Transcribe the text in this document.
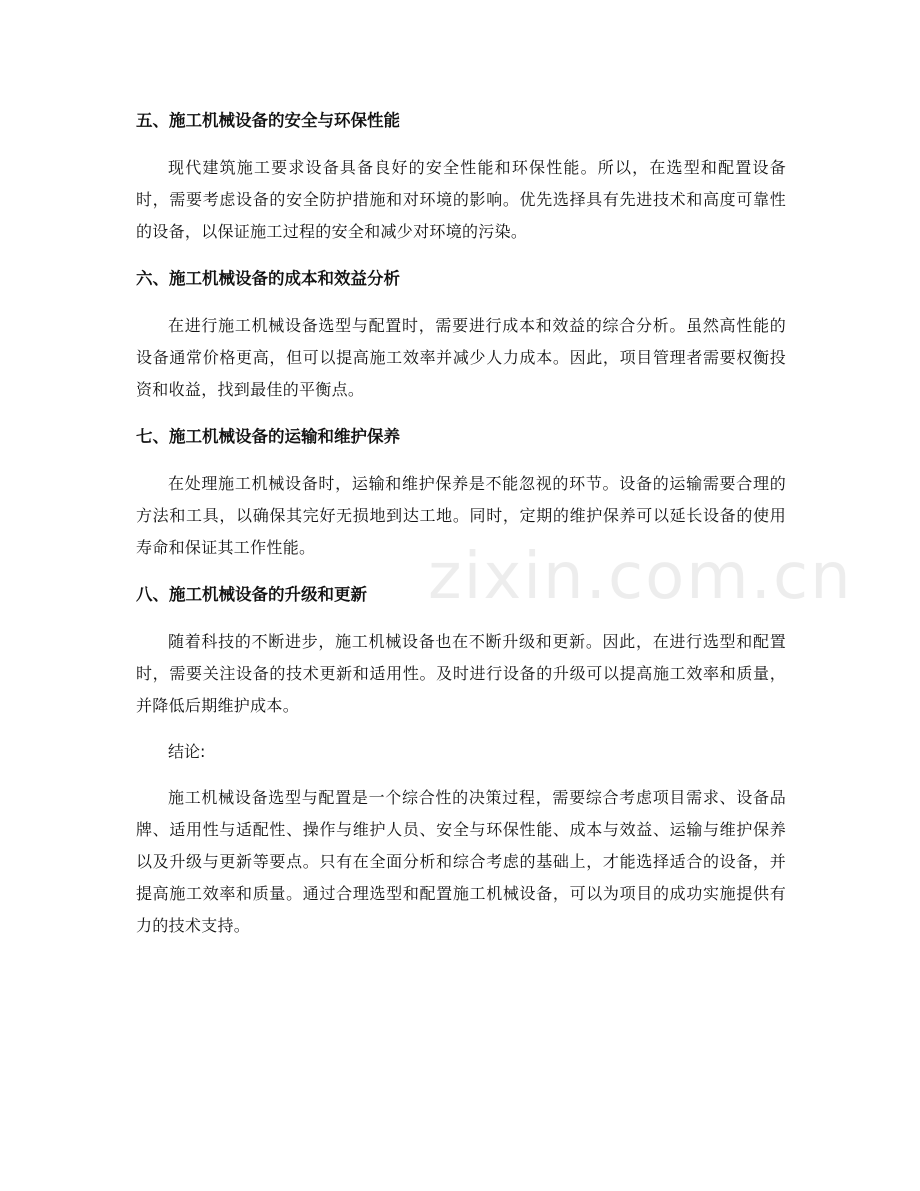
zixin.com.cn
五、施工机械设备的安全与环保性能

现代建筑施工要求设备具备良好的安全性能和环保性能。所以，在选型和配置设备时，需要考虑设备的安全防护措施和对环境的影响。优先选择具有先进技术和高度可靠性的设备，以保证施工过程的安全和减少对环境的污染。

六、施工机械设备的成本和效益分析

在进行施工机械设备选型与配置时，需要进行成本和效益的综合分析。虽然高性能的设备通常价格更高，但可以提高施工效率并减少人力成本。因此，项目管理者需要权衡投资和收益，找到最佳的平衡点。

七、施工机械设备的运输和维护保养

在处理施工机械设备时，运输和维护保养是不能忽视的环节。设备的运输需要合理的方法和工具，以确保其完好无损地到达工地。同时，定期的维护保养可以延长设备的使用寿命和保证其工作性能。

八、施工机械设备的升级和更新

随着科技的不断进步，施工机械设备也在不断升级和更新。因此，在进行选型和配置时，需要关注设备的技术更新和适用性。及时进行设备的升级可以提高施工效率和质量，并降低后期维护成本。

结论:

施工机械设备选型与配置是一个综合性的决策过程，需要综合考虑项目需求、设备品牌、适用性与适配性、操作与维护人员、安全与环保性能、成本与效益、运输与维护保养以及升级与更新等要点。只有在全面分析和综合考虑的基础上，才能选择适合的设备，并提高施工效率和质量。通过合理选型和配置施工机械设备，可以为项目的成功实施提供有力的技术支持。
